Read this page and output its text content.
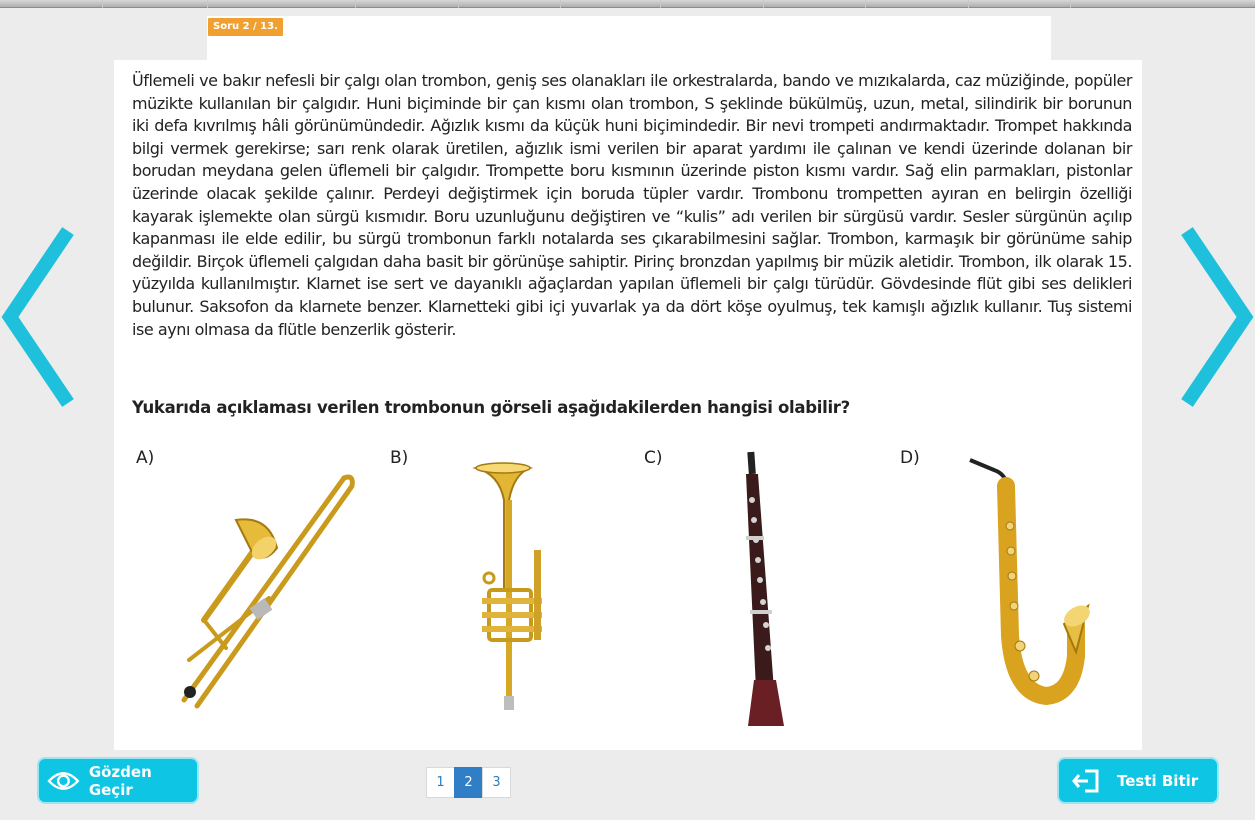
Soru 2 / 13.

Üflemeli ve bakır nefesli bir çalgı olan trombon, geniş ses olanakları ile orkestralarda, bando ve mızıkalarda, caz müziğinde, popüler müzikte kullanılan bir çalgıdır. Huni biçiminde bir çan kısmı olan trombon, S şeklinde bükülmüş, uzun, metal, silindirik bir borunun iki defa kıvrılmış hâli görünümündedir. Ağızlık kısmı da küçük huni biçimindedir. Bir nevi trompeti andırmaktadır. Trompet hakkında bilgi vermek gerekirse; sarı renk olarak üretilen, ağızlık ismi verilen bir aparat yardımı ile çalınan ve kendi üzerinde dolanan bir borudan meydana gelen üflemeli bir çalgıdır. Trompette boru kısmının üzerinde piston kısmı vardır. Sağ elin parmakları, pistonlar üzerinde olacak şekilde çalınır. Perdeyi değiştirmek için boruda tüpler vardır. Trombonu trompetten ayıran en belirgin özelliği kayarak işlemekte olan sürgü kısmıdır. Boru uzunluğunu değiştiren ve “kulis” adı verilen bir sürgüsü vardır. Sesler sürgünün açılıp kapanması ile elde edilir, bu sürgü trombonun farklı notalarda ses çıkarabilmesini sağlar. Trombon, karmaşık bir görünüme sahip değildir. Birçok üflemeli çalgıdan daha basit bir görünüşe sahiptir. Pirinç bronzdan yapılmış bir müzik aletidir. Trombon, ilk olarak 15. yüzyılda kullanılmıştır. Klarnet ise sert ve dayanıklı ağaçlardan yapılan üflemeli bir çalgı türüdür. Gövdesinde flüt gibi ses delikleri bulunur. Saksofon da klarnete benzer. Klarnetteki gibi içi yuvarlak ya da dört köşe oyulmuş, tek kamışlı ağızlık kullanır. Tuş sistemi ise aynı olmasa da flütle benzerlik gösterir.

Yukarıda açıklaması verilen trombonun görseli aşağıdakilerden hangisi olabilir?

A)	B)	C)	D)
Gözden Geçir	1	2	3	Testi Bitir
